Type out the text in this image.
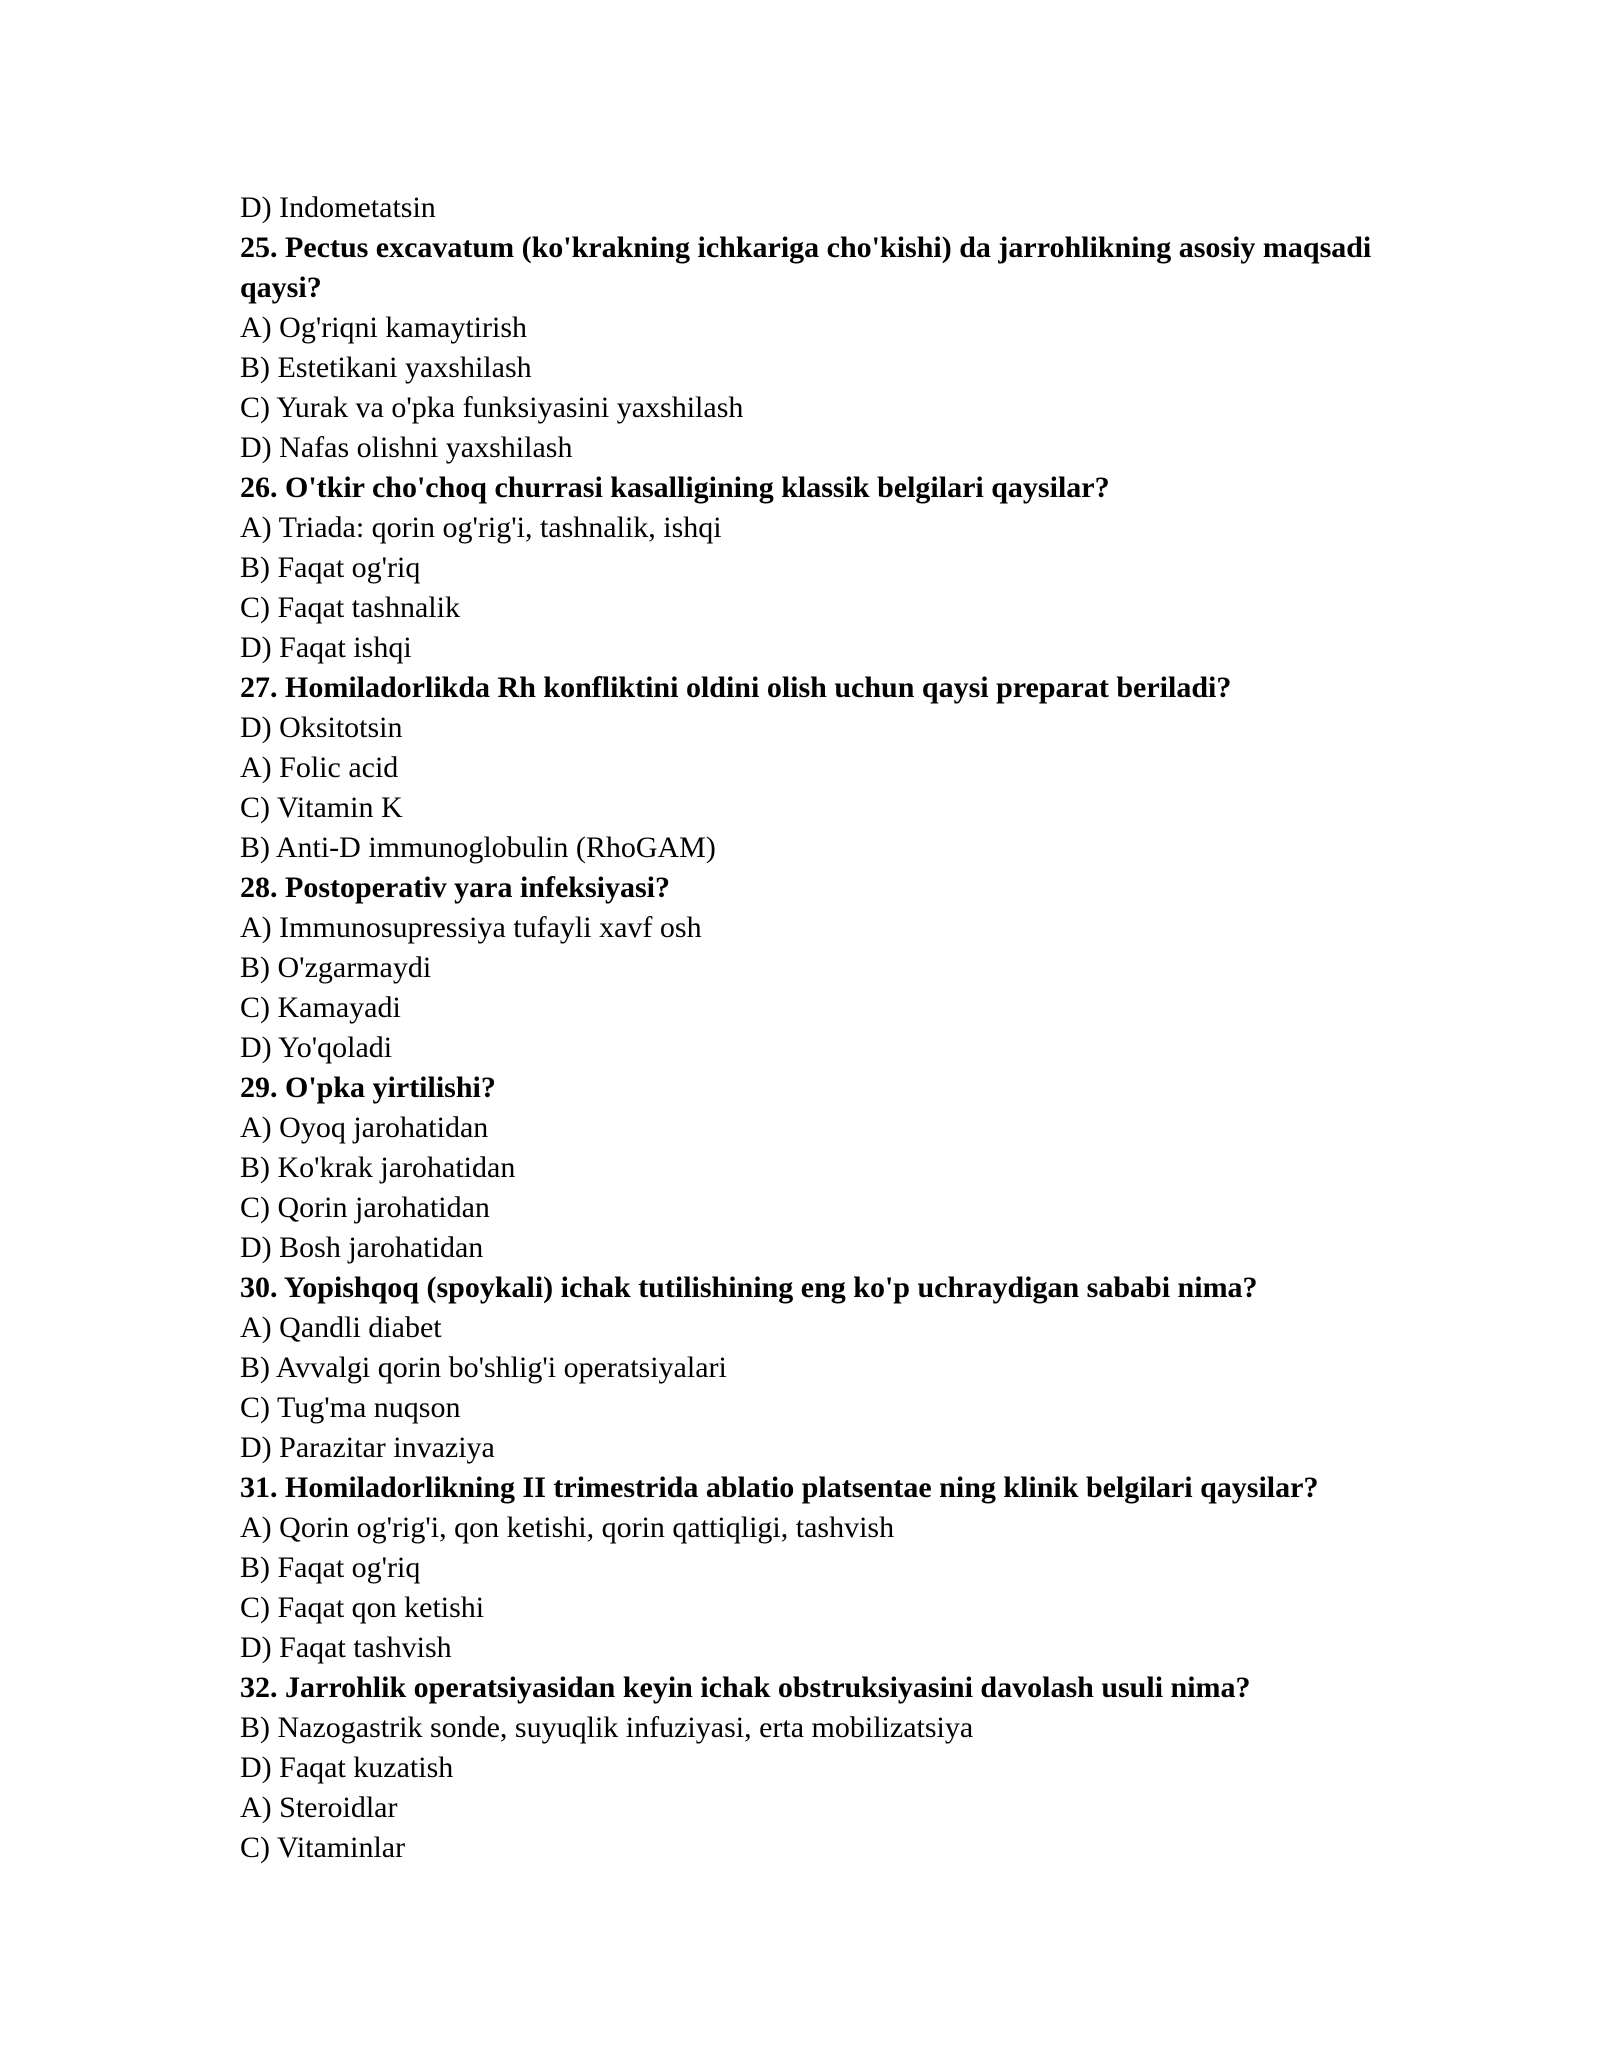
D) Indometatsin

25. Pectus excavatum (ko'krakning ichkariga cho'kishi) da jarrohlikning asosiy maqsadi qaysi?

A) Og'riqni kamaytirish

B) Estetikani yaxshilash

C) Yurak va o'pka funksiyasini yaxshilash

D) Nafas olishni yaxshilash

26. O'tkir cho'choq churrasi kasalligining klassik belgilari qaysilar?

A) Triada: qorin og'rig'i, tashnalik, ishqi

B) Faqat og'riq

C) Faqat tashnalik

D) Faqat ishqi

27. Homiladorlikda Rh konfliktini oldini olish uchun qaysi preparat beriladi?

D) Oksitotsin

A) Folic acid

C) Vitamin K

B) Anti-D immunoglobulin (RhoGAM)

28. Postoperativ yara infeksiyasi?

A) Immunosupressiya tufayli xavf osh

B) O'zgarmaydi

C) Kamayadi

D) Yo'qoladi

29. O'pka yirtilishi?

A) Oyoq jarohatidan

B) Ko'krak jarohatidan

C) Qorin jarohatidan

D) Bosh jarohatidan

30. Yopishqoq (spoykali) ichak tutilishining eng ko'p uchraydigan sababi nima?

A) Qandli diabet

B) Avvalgi qorin bo'shlig'i operatsiyalari

C) Tug'ma nuqson

D) Parazitar invaziya

31. Homiladorlikning II trimestrida ablatio platsentae ning klinik belgilari qaysilar?

A) Qorin og'rig'i, qon ketishi, qorin qattiqligi, tashvish

B) Faqat og'riq

C) Faqat qon ketishi

D) Faqat tashvish

32. Jarrohlik operatsiyasidan keyin ichak obstruksiyasini davolash usuli nima?

B) Nazogastrik sonde, suyuqlik infuziyasi, erta mobilizatsiya

D) Faqat kuzatish

A) Steroidlar

C) Vitaminlar
